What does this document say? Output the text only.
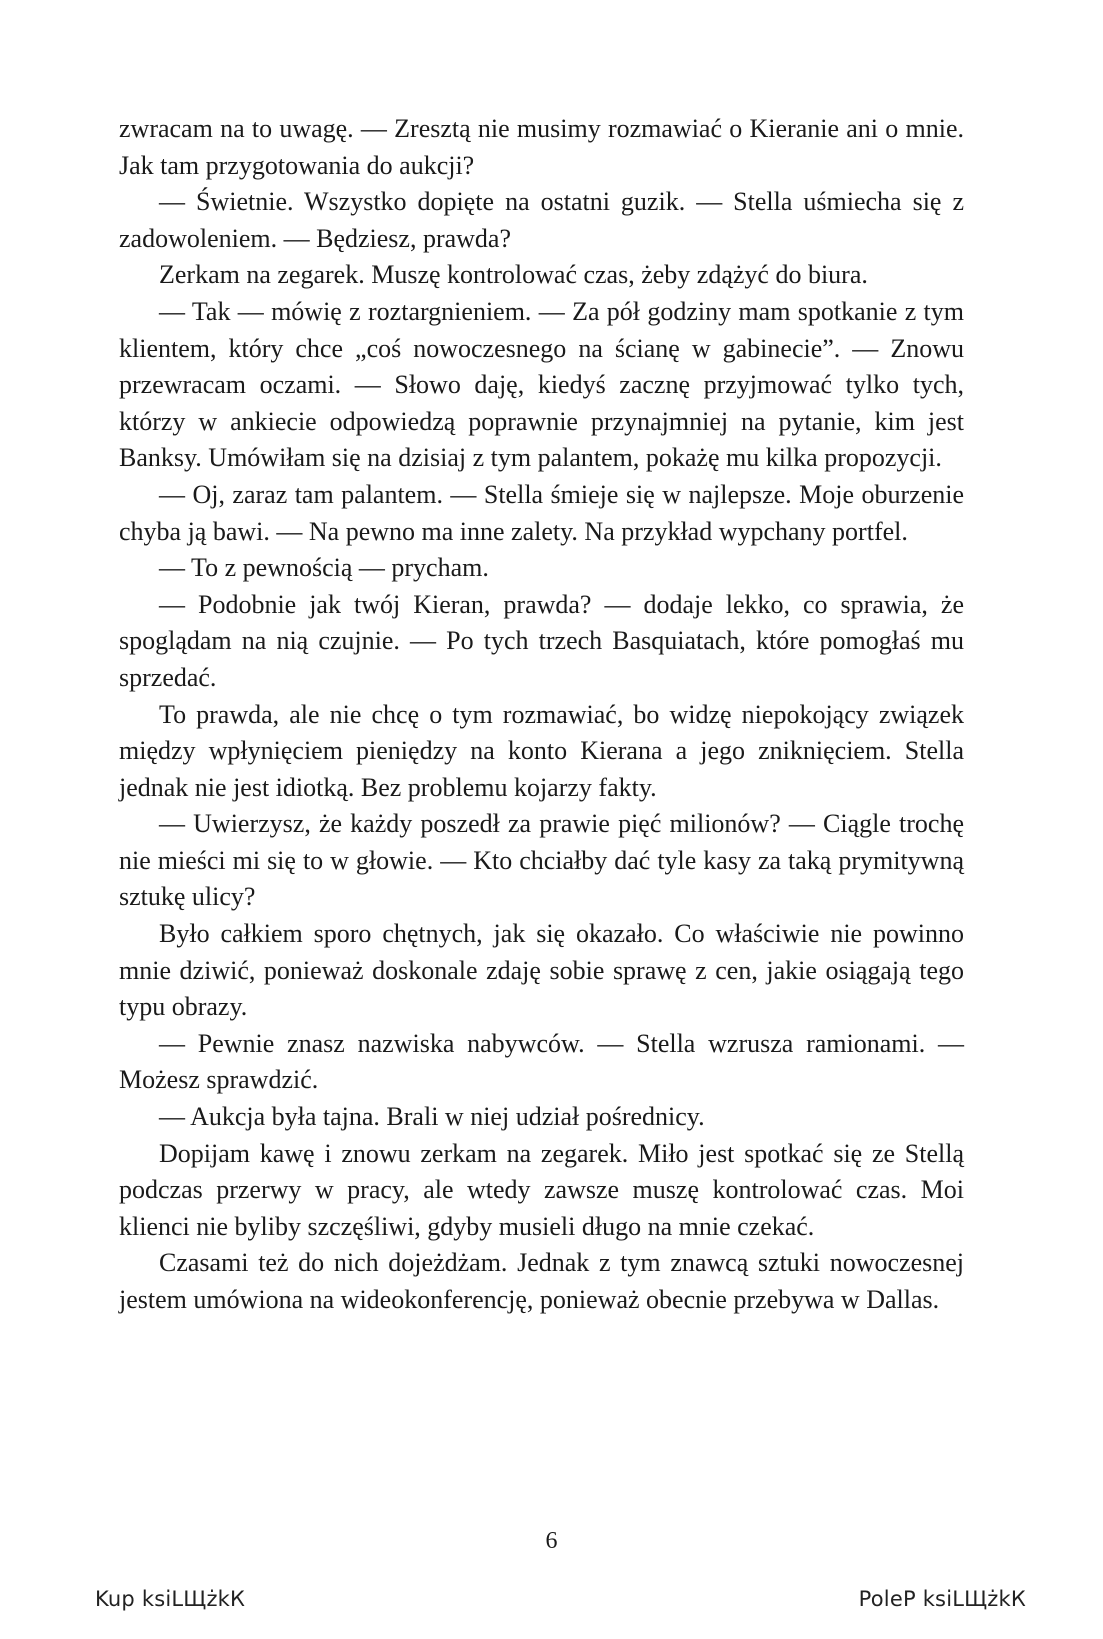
zwracam na to uwagę. — Zresztą nie musimy rozmawiać o Kieranie ani o mnie. Jak tam przygotowania do aukcji?

— Świetnie. Wszystko dopięte na ostatni guzik. — Stella uśmiecha się z zadowoleniem. — Będziesz, prawda?

Zerkam na zegarek. Muszę kontrolować czas, żeby zdążyć do biura.

— Tak — mówię z roztargnieniem. — Za pół godziny mam spotkanie z tym klientem, który chce „coś nowoczesnego na ścianę w gabinecie”. — Znowu przewracam oczami. — Słowo daję, kiedyś zacznę przyjmować tylko tych, którzy w ankiecie odpowiedzą poprawnie przynajmniej na pytanie, kim jest Banksy. Umówiłam się na dzisiaj z tym palantem, pokażę mu kilka propozycji.

— Oj, zaraz tam palantem. — Stella śmieje się w najlepsze. Moje oburzenie chyba ją bawi. — Na pewno ma inne zalety. Na przykład wypchany portfel.

— To z pewnością — prycham.

— Podobnie jak twój Kieran, prawda? — dodaje lekko, co sprawia, że spoglądam na nią czujnie. — Po tych trzech Basquiatach, które pomogłaś mu sprzedać.

To prawda, ale nie chcę o tym rozmawiać, bo widzę niepokojący związek między wpłynięciem pieniędzy na konto Kierana a jego zniknięciem. Stella jednak nie jest idiotką. Bez problemu kojarzy fakty.

— Uwierzysz, że każdy poszedł za prawie pięć milionów? — Ciągle trochę nie mieści mi się to w głowie. — Kto chciałby dać tyle kasy za taką prymitywną sztukę ulicy?

Było całkiem sporo chętnych, jak się okazało. Co właściwie nie powinno mnie dziwić, ponieważ doskonale zdaję sobie sprawę z cen, jakie osiągają tego typu obrazy.

— Pewnie znasz nazwiska nabywców. — Stella wzrusza ramionami. — Możesz sprawdzić.

— Aukcja była tajna. Brali w niej udział pośrednicy.

Dopijam kawę i znowu zerkam na zegarek. Miło jest spotkać się ze Stellą podczas przerwy w pracy, ale wtedy zawsze muszę kontrolować czas. Moi klienci nie byliby szczęśliwi, gdyby musieli długo na mnie czekać.

Czasami też do nich dojeżdżam. Jednak z tym znawcą sztuki nowoczesnej jestem umówiona na wideokonferencję, ponieważ obecnie przebywa w Dallas.

6
Kup ksiLЩżkК	PoleР ksiLЩżkК
